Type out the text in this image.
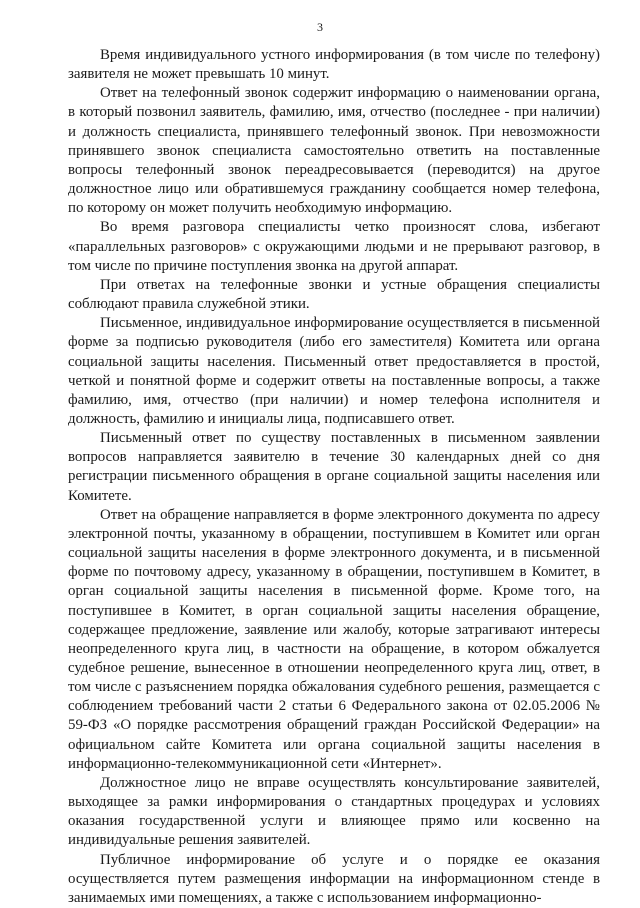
3

Время индивидуального устного информирования (в том числе по телефону) заявителя не может превышать 10 минут.

Ответ на телефонный звонок содержит информацию о наименовании органа, в который позвонил заявитель, фамилию, имя, отчество (последнее - при наличии) и должность специалиста, принявшего телефонный звонок. При невозможности принявшего звонок специалиста самостоятельно ответить на поставленные вопросы телефонный звонок переадресовывается (переводится) на другое должностное лицо или обратившемуся гражданину сообщается номер телефона, по которому он может получить необходимую информацию.

Во время разговора специалисты четко произносят слова, избегают «параллельных разговоров» с окружающими людьми и не прерывают разговор, в том числе по причине поступления звонка на другой аппарат.

При ответах на телефонные звонки и устные обращения специалисты соблюдают правила служебной этики.

Письменное, индивидуальное информирование осуществляется в письменной форме за подписью руководителя (либо его заместителя) Комитета или органа социальной защиты населения. Письменный ответ предоставляется в простой, четкой и понятной форме и содержит ответы на поставленные вопросы, а также фамилию, имя, отчество (при наличии) и номер телефона исполнителя и должность, фамилию и инициалы лица, подписавшего ответ.

Письменный ответ по существу поставленных в письменном заявлении вопросов направляется заявителю в течение 30 календарных дней со дня регистрации письменного обращения в органе социальной защиты населения или Комитете.

Ответ на обращение направляется в форме электронного документа по адресу электронной почты, указанному в обращении, поступившем в Комитет или орган социальной защиты населения в форме электронного документа, и в письменной форме по почтовому адресу, указанному в обращении, поступившем в Комитет, в орган социальной защиты населения в письменной форме. Кроме того, на поступившее в Комитет, в орган социальной защиты населения обращение, содержащее предложение, заявление или жалобу, которые затрагивают интересы неопределенного круга лиц, в частности на обращение, в котором обжалуется судебное решение, вынесенное в отношении неопределенного круга лиц, ответ, в том числе с разъяснением порядка обжалования судебного решения, размещается с соблюдением требований части 2 статьи 6 Федерального закона от 02.05.2006 № 59-ФЗ «О порядке рассмотрения обращений граждан Российской Федерации» на официальном сайте Комитета или органа социальной защиты населения в информационно-телекоммуникационной сети «Интернет».

Должностное лицо не вправе осуществлять консультирование заявителей, выходящее за рамки информирования о стандартных процедурах и условиях оказания государственной услуги и влияющее прямо или косвенно на индивидуальные решения заявителей.

Публичное информирование об услуге и о порядке ее оказания осуществляется путем размещения информации на информационном стенде в занимаемых ими помещениях, а также с использованием информационно-
